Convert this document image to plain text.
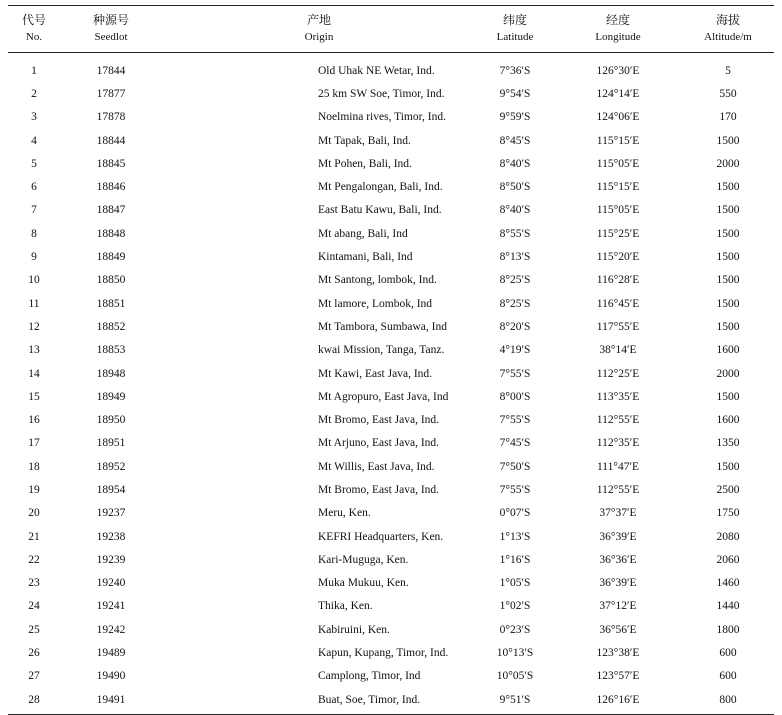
代号	种源号	产地	纬度	经度	海拔
No.	Seedlot	Origin	Latitude	Longitude	Altitude/m
1	17844	Old Uhak NE Wetar, Ind.	7°36′S	126°30′E	5
2	17877	25 km SW Soe, Timor, Ind.	9°54′S	124°14′E	550
3	17878	Noelmina rives, Timor, Ind.	9°59′S	124°06′E	170
4	18844	Mt Tapak, Bali, Ind.	8°45′S	115°15′E	1500
5	18845	Mt Pohen, Bali, Ind.	8°40′S	115°05′E	2000
6	18846	Mt Pengalongan, Bali, Ind.	8°50′S	115°15′E	1500
7	18847	East Batu Kawu, Bali, Ind.	8°40′S	115°05′E	1500
8	18848	Mt abang, Bali, Ind	8°55′S	115°25′E	1500
9	18849	Kintamani, Bali, Ind	8°13′S	115°20′E	1500
10	18850	Mt Santong, lombok, Ind.	8°25′S	116°28′E	1500
11	18851	Mt lamore, Lombok, Ind	8°25′S	116°45′E	1500
12	18852	Mt Tambora, Sumbawa, Ind	8°20′S	117°55′E	1500
13	18853	kwai Mission, Tanga, Tanz.	4°19′S	38°14′E	1600
14	18948	Mt Kawi, East Java, Ind.	7°55′S	112°25′E	2000
15	18949	Mt Agropuro, East Java, Ind	8°00′S	113°35′E	1500
16	18950	Mt Bromo, East Java, Ind.	7°55′S	112°55′E	1600
17	18951	Mt Arjuno, East Java, Ind.	7°45′S	112°35′E	1350
18	18952	Mt Willis, East Java, Ind.	7°50′S	111°47′E	1500
19	18954	Mt Bromo, East Java, Ind.	7°55′S	112°55′E	2500
20	19237	Meru, Ken.	0°07′S	37°37′E	1750
21	19238	KEFRI Headquarters, Ken.	1°13′S	36°39′E	2080
22	19239	Kari-Muguga, Ken.	1°16′S	36°36′E	2060
23	19240	Muka Mukuu, Ken.	1°05′S	36°39′E	1460
24	19241	Thika, Ken.	1°02′S	37°12′E	1440
25	19242	Kabiruini, Ken.	0°23′S	36°56′E	1800
26	19489	Kapun, Kupang, Timor, Ind.	10°13′S	123°38′E	600
27	19490	Camplong, Timor, Ind	10°05′S	123°57′E	600
28	19491	Buat, Soe, Timor, Ind.	9°51′S	126°16′E	800
